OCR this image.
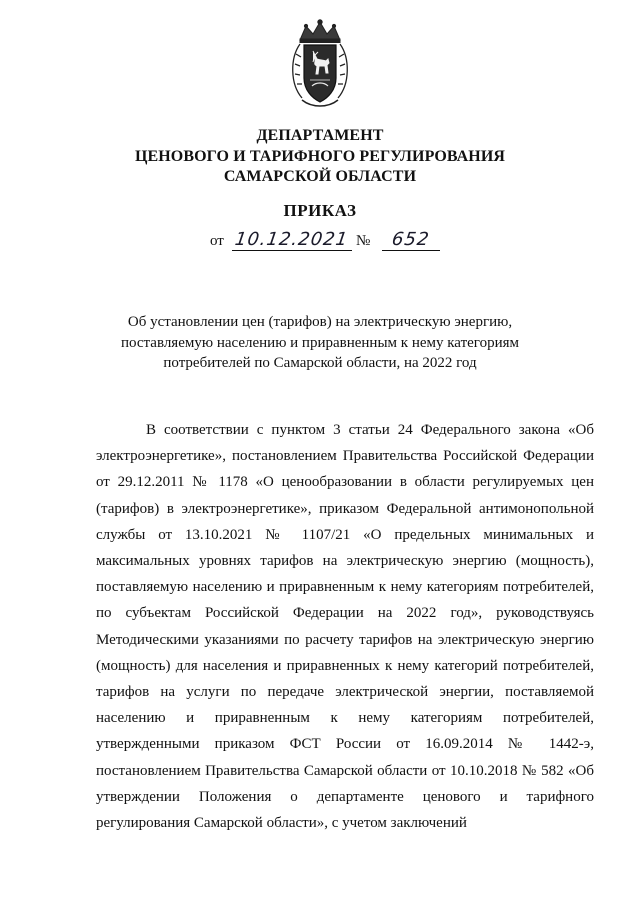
ДЕПАРТАМЕНТ
ЦЕНОВОГО И ТАРИФНОГО РЕГУЛИРОВАНИЯ
САМАРСКОЙ ОБЛАСТИ
ПРИКАЗ
от 10.12.2021 №	652
Об установлении цен (тарифов) на электрическую энергию, поставляемую населению и приравненным к нему категориям потребителей по Самарской области, на 2022 год

В соответствии с пунктом 3 статьи 24 Федерального закона «Об электроэнергетике», постановлением Правительства Российской Федерации от 29.12.2011 № 1178 «О ценообразовании в области регулируемых цен (тарифов) в электроэнергетике», приказом Федеральной антимонопольной службы от 13.10.2021 № 1107/21 «О предельных минимальных и максимальных уровнях тарифов на электрическую энергию (мощность), поставляемую населению и приравненным к нему категориям потребителей, по субъектам Российской Федерации на 2022 год», руководствуясь Методическими указаниями по расчету тарифов на электрическую энергию (мощность) для населения и приравненных к нему категорий потребителей, тарифов на услуги по передаче электрической энергии, поставляемой населению и приравненным к нему категориям потребителей, утвержденными приказом ФСТ России от 16.09.2014 № 1442-э, постановлением Правительства Самарской области от 10.10.2018 № 582 «Об утверждении Положения о департаменте ценового и тарифного регулирования Самарской области», с учетом заключений
